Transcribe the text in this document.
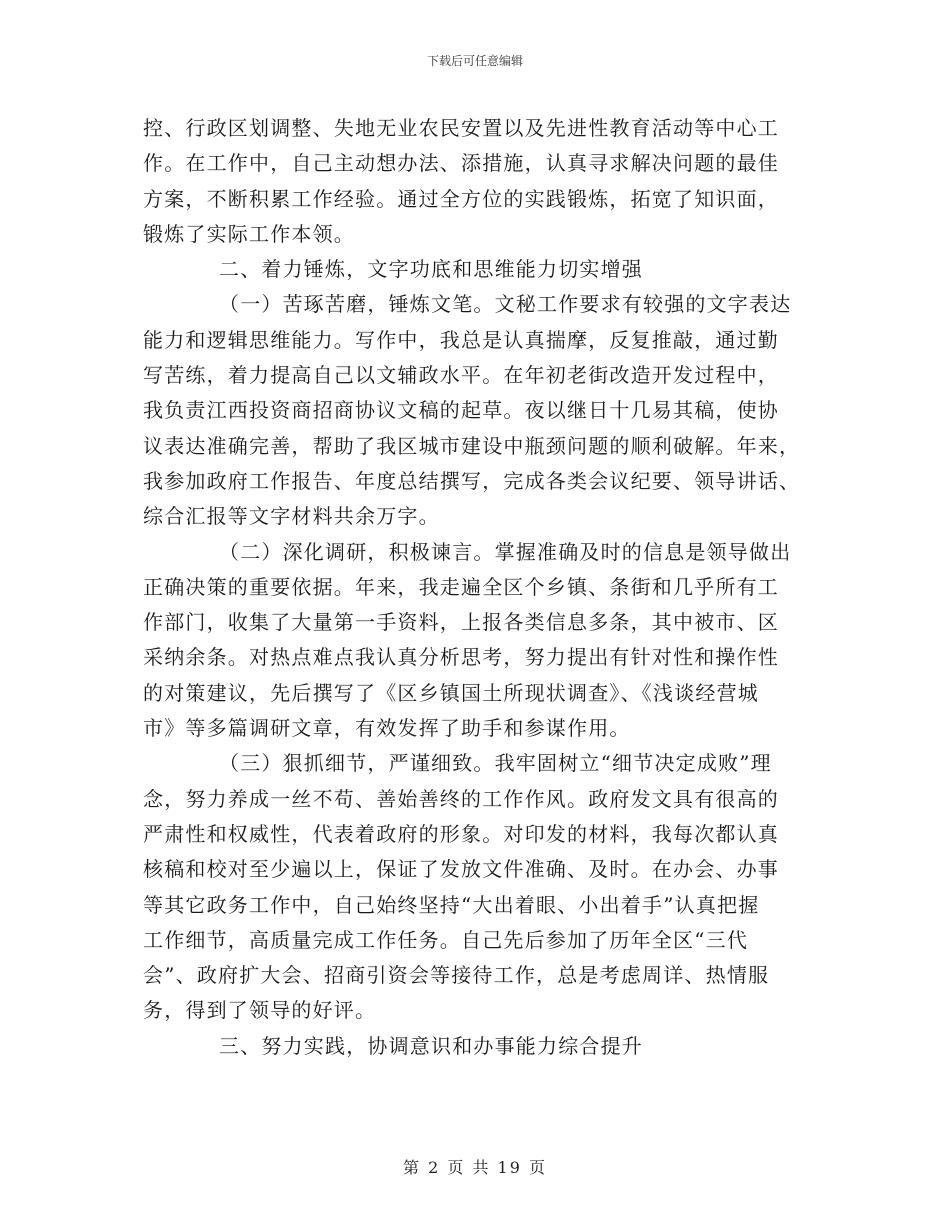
下载后可任意编辑

控、行政区划调整、失地无业农民安置以及先进性教育活动等中心工
作。在工作中，自己主动想办法、添措施，认真寻求解决问题的最佳
方案，不断积累工作经验。通过全方位的实践锻炼，拓宽了知识面，
锻炼了实际工作本领。

二、着力锤炼，文字功底和思维能力切实增强

（一）苦琢苦磨，锤炼文笔。文秘工作要求有较强的文字表达
能力和逻辑思维能力。写作中，我总是认真揣摩，反复推敲，通过勤
写苦练，着力提高自己以文辅政水平。在年初老街改造开发过程中，
我负责江西投资商招商协议文稿的起草。夜以继日十几易其稿，使协
议表达准确完善，帮助了我区城市建设中瓶颈问题的顺利破解。年来，
我参加政府工作报告、年度总结撰写，完成各类会议纪要、领导讲话、
综合汇报等文字材料共余万字。

（二）深化调研，积极谏言。掌握准确及时的信息是领导做出
正确决策的重要依据。年来，我走遍全区个乡镇、条街和几乎所有工
作部门，收集了大量第一手资料，上报各类信息多条，其中被市、区
采纳余条。对热点难点我认真分析思考，努力提出有针对性和操作性
的对策建议，先后撰写了《区乡镇国土所现状调查》、《浅谈经营城
市》等多篇调研文章，有效发挥了助手和参谋作用。

（三）狠抓细节，严谨细致。我牢固树立“细节决定成败”理
念，努力养成一丝不苟、善始善终的工作作风。政府发文具有很高的
严肃性和权威性，代表着政府的形象。对印发的材料，我每次都认真
核稿和校对至少遍以上，保证了发放文件准确、及时。在办会、办事
等其它政务工作中，自己始终坚持“大出着眼、小出着手”认真把握
工作细节，高质量完成工作任务。自己先后参加了历年全区“三代
会”、政府扩大会、招商引资会等接待工作，总是考虑周详、热情服
务，得到了领导的好评。

三、努力实践，协调意识和办事能力综合提升

第 2 页 共 19 页
